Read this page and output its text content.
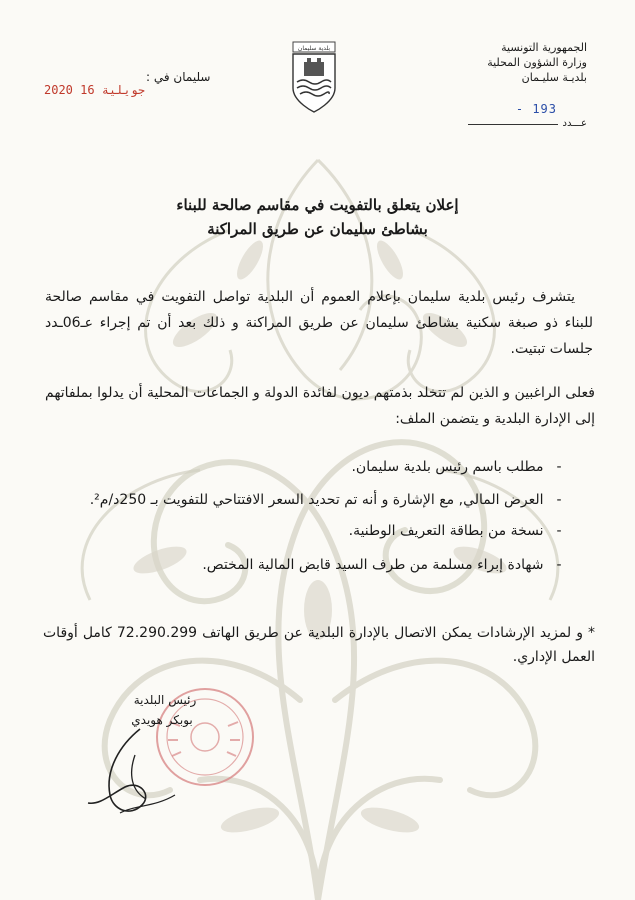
الجمهورية التونسية
وزارة الشؤون المحلية
بلديـة سليـمان
- 193
عـــدد
بلدية سليمان
سليمان في :
2020 جويلية 16
إعلان يتعلق بالتفويت في مقاسم صالحة للبناء
بشاطئ سليمان عن طريق المراكنة
يتشرف رئيس بلدية سليمان بإعلام العموم أن البلدية تواصل التفويت في مقاسم صالحة للبناء ذو صبغة سكنية بشاطئ سليمان عن طريق المراكنة و ذلك بعد أن تم إجراء عـ06ـدد جلسات تبتيت.
فعلى الراغبين و الذين لم تتخلد بذمتهم ديون لفائدة الدولة و الجماعات المحلية أن يدلوا بملفاتهم إلى الإدارة البلدية و يتضمن الملف:
- مطلب باسم رئيس بلدية سليمان.
- العرض المالي, مع الإشارة و أنه تم تحديد السعر الافتتاحي للتفويت بـ 250د/م².
- نسخة من بطاقة التعريف الوطنية.
- شهادة إبراء مسلمة من طرف السيد قابض المالية المختص.
* و لمزيد الإرشادات يمكن الاتصال بالإدارة البلدية عن طريق الهاتف 72.290.299 كامل أوقات العمل الإداري.
رئيس البلدية
بوبكر هويدي
